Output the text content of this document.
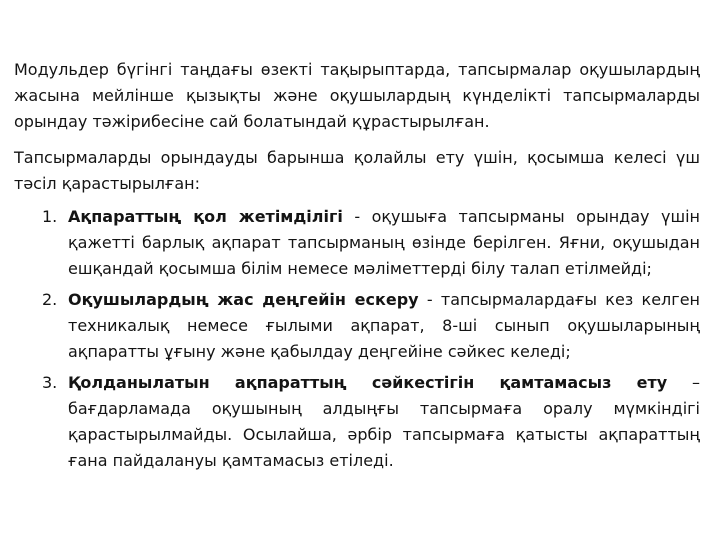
Модульдер бүгінгі таңдағы өзекті тақырыптарда, тапсырмалар оқушылардың жасына мейлінше қызықты және оқушылардың күнделікті тапсырмаларды орындау тәжірибесіне сай болатындай құрастырылған.

Тапсырмаларды орындауды барынша қолайлы ету үшін, қосымша келесі үш тәсіл қарастырылған:

1. Ақпараттың қол жетімділігі - оқушыға тапсырманы орындау үшін қажетті барлық ақпарат тапсырманың өзінде берілген. Яғни, оқушыдан ешқандай қосымша білім немесе мәліметтерді білу талап етілмейді;
2. Оқушылардың жас деңгейін ескеру - тапсырмалардағы кез келген техникалық немесе ғылыми ақпарат, 8-ші сынып оқушыларының ақпаратты ұғыну және қабылдау деңгейіне сәйкес келеді;
3. Қолданылатын ақпараттың сәйкестігін қамтамасыз ету – бағдарламада оқушының алдыңғы тапсырмаға оралу мүмкіндігі қарастырылмайды. Осылайша, әрбір тапсырмаға қатысты ақпараттың ғана пайдалануы қамтамасыз етіледі.
